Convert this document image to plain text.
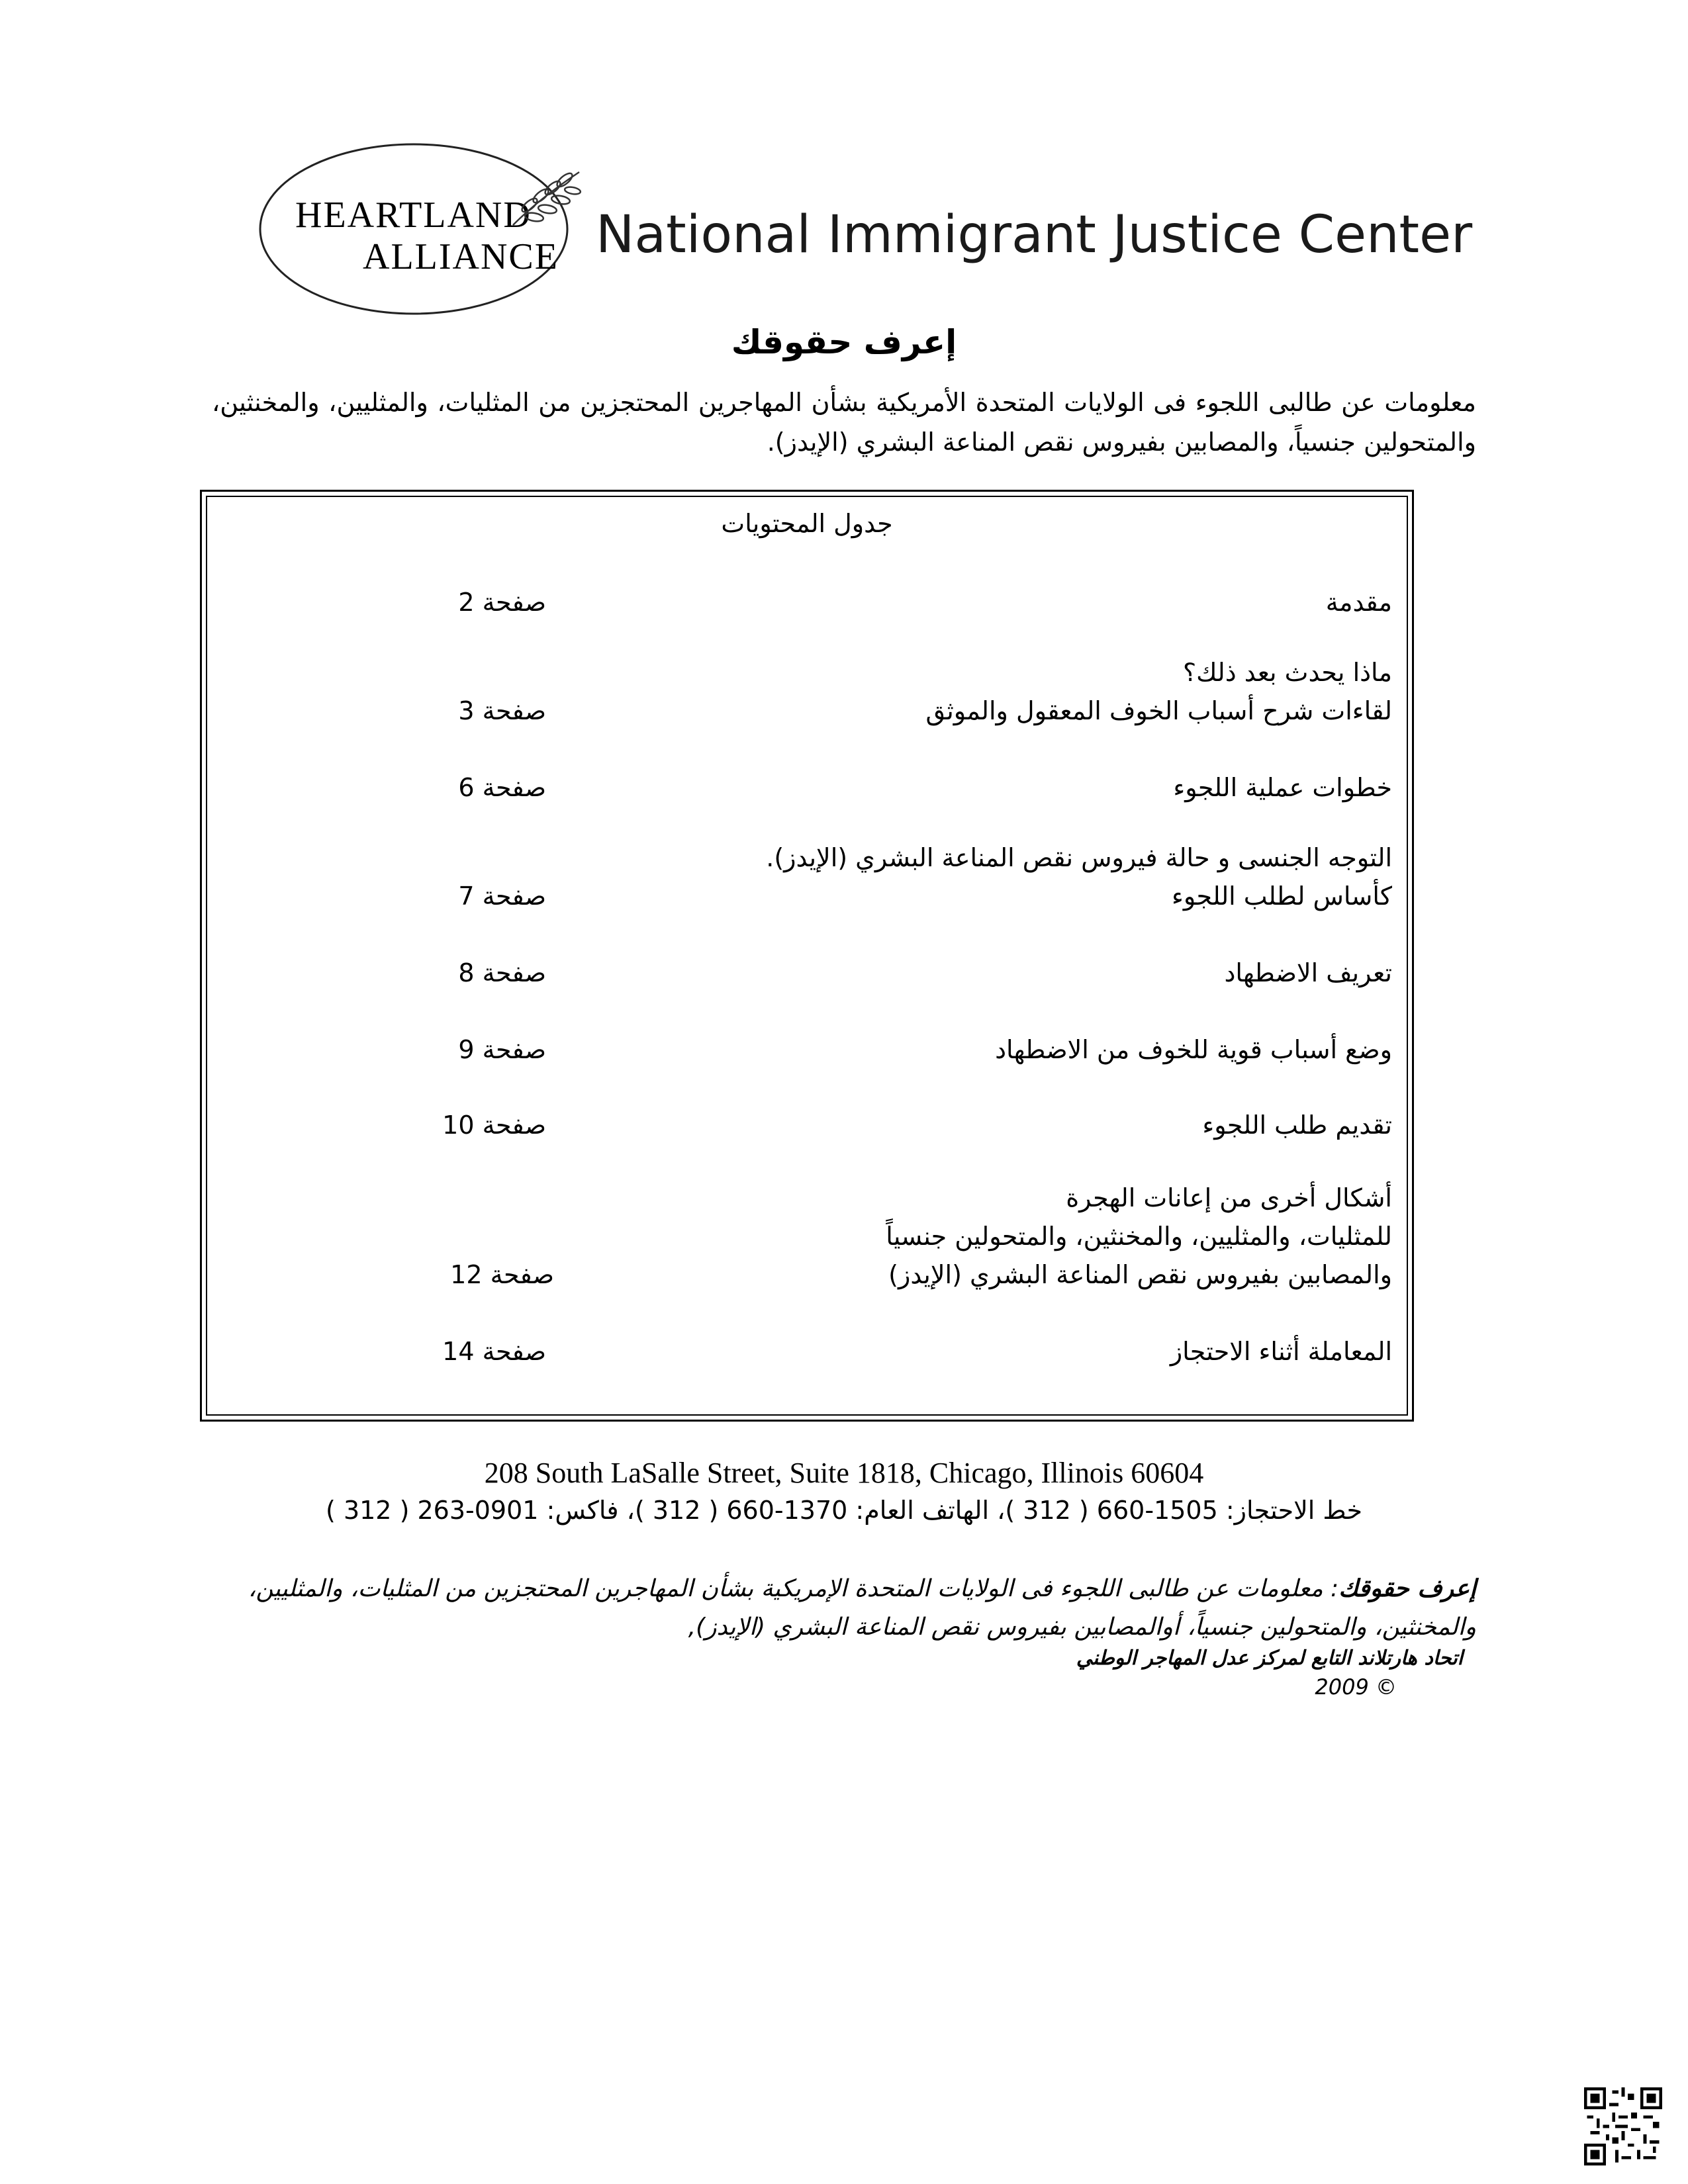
HEARTLAND
ALLIANCE National Immigrant Justice Center
إعرف حقوقك
معلومات عن طالبى اللجوء فى الولايات المتحدة الأمريكية بشأن المهاجرين المحتجزين من المثليات، والمثليين، والمخنثين، والمتحولين جنسياً، والمصابين بفيروس نقص المناعة البشري (الإيدز).
جدول المحتويات
مقدمة
صفحة 2
ماذا يحدث بعد ذلك؟
لقاءات شرح أسباب الخوف المعقول والموثق
صفحة 3
خطوات عملية اللجوء
صفحة 6
التوجه الجنسى و حالة فيروس نقص المناعة البشري (الإيدز).
كأساس لطلب اللجوء
صفحة 7
تعريف الاضطهاد
صفحة 8
وضع أسباب قوية للخوف من الاضطهاد
صفحة 9
تقديم طلب اللجوء
صفحة 10
أشكال أخرى من إعانات الهجرة
للمثليات، والمثليين، والمخنثين، والمتحولين جنسياً
والمصابين بفيروس نقص المناعة البشري (الإيدز)
صفحة 12
المعاملة أثناء الاحتجاز
صفحة 14
208 South LaSalle Street, Suite 1818, Chicago, Illinois 60604
خط الاحتجاز: 1505-660 ( 312 )، الهاتف العام: 1370-660 ( 312 )، فاكس: 0901-263 ( 312 )
إعرف حقوقك: معلومات عن طالبى اللجوء فى الولايات المتحدة الإمريكية بشأن المهاجرين المحتجزين من المثليات، والمثليين، والمخنثين، والمتحولين جنسياً، أوالمصابين بفيروس نقص المناعة البشري (الإيدز),
اتحاد هارتلاند التابع لمركز عدل المهاجر الوطني
© 2009
